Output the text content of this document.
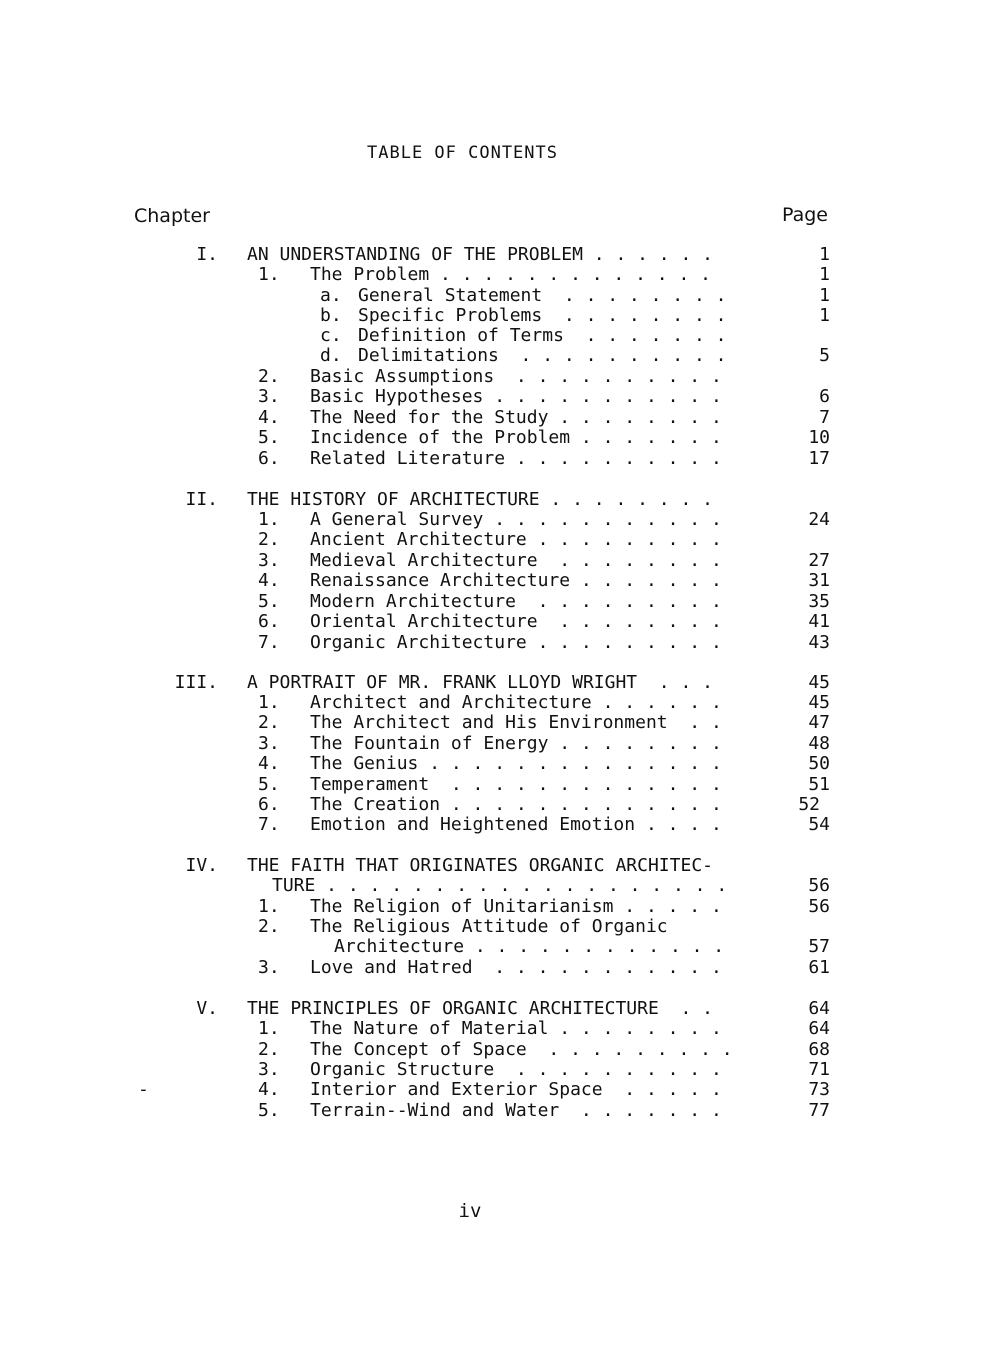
TABLE OF CONTENTS
Chapter	Page
I. AN UNDERSTANDING OF THE PROBLEM . . . . . .	1
1. The Problem . . . . . . . . . . . . .	1
a. General Statement  . . . . . . . .	1
b. Specific Problems  . . . . . . . .	1
c. Definition of Terms  . . . . . . .
d. Delimitations  . . . . . . . . . .	5
2. Basic Assumptions  . . . . . . . . . .
3. Basic Hypotheses . . . . . . . . . . .	6
4. The Need for the Study . . . . . . . .	7
5. Incidence of the Problem . . . . . . .	10
6. Related Literature . . . . . . . . . .	17
II. THE HISTORY OF ARCHITECTURE . . . . . . . .
1. A General Survey . . . . . . . . . . .	24
2. Ancient Architecture . . . . . . . . .
3. Medieval Architecture  . . . . . . . .	27
4. Renaissance Architecture . . . . . . .	31
5. Modern Architecture  . . . . . . . . .	35
6. Oriental Architecture  . . . . . . . .	41
7. Organic Architecture . . . . . . . . .	43
III. A PORTRAIT OF MR. FRANK LLOYD WRIGHT  . . .	45
1. Architect and Architecture . . . . . .	45
2. The Architect and His Environment  . .	47
3. The Fountain of Energy . . . . . . . .	48
4. The Genius . . . . . . . . . . . . . .	50
5. Temperament  . . . . . . . . . . . . .	51
6. The Creation . . . . . . . . . . . . .	52
7. Emotion and Heightened Emotion . . . .	54
IV. THE FAITH THAT ORIGINATES ORGANIC ARCHITEC-
TURE . . . . . . . . . . . . . . . . . . .	56
1. The Religion of Unitarianism . . . . .	56
2. The Religious Attitude of Organic
Architecture . . . . . . . . . . . .	57
3. Love and Hatred  . . . . . . . . . . .	61
V. THE PRINCIPLES OF ORGANIC ARCHITECTURE  . .	64
1. The Nature of Material . . . . . . . .	64
2. The Concept of Space  . . . . . . . . .	68
3. Organic Structure  . . . . . . . . . .	71
4. Interior and Exterior Space  . . . . .	73
5. Terrain--Wind and Water  . . . . . . .	77
-
iv
